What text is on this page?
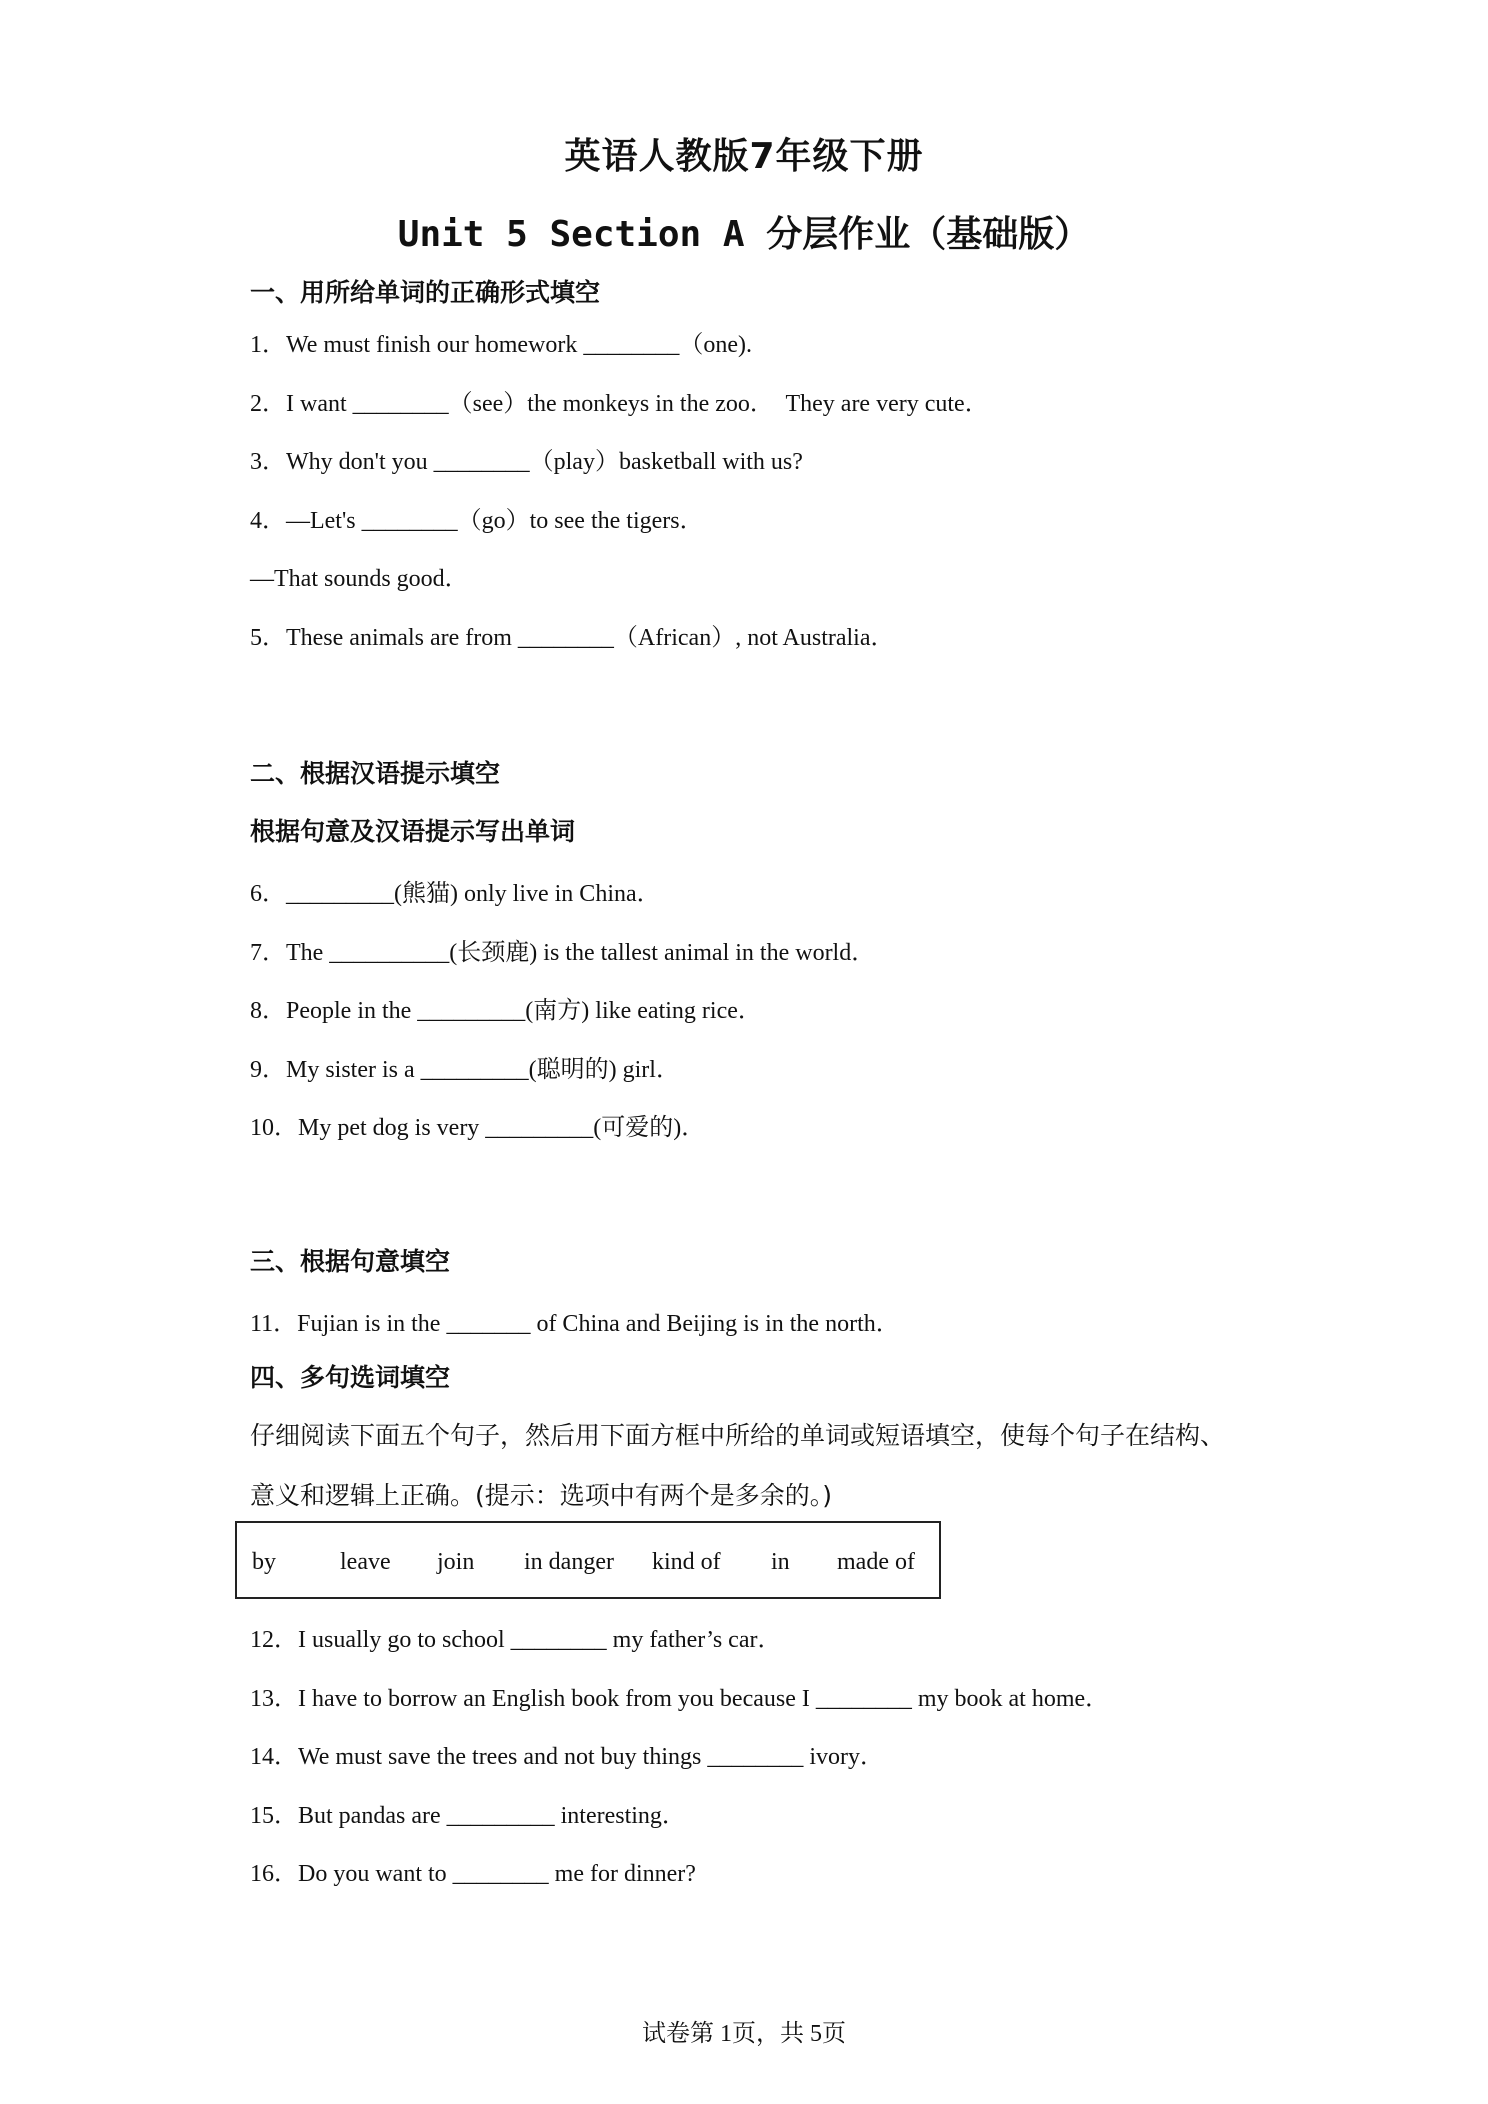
英语人教版7年级下册
Unit 5 Section A 分层作业（基础版）
一、用所给单词的正确形式填空
1．We must finish our homework ________（one).
2．I want ________（see）the monkeys in the zoo．  They are very cute．
3．Why don't you ________（play）basketball with us?
4．—Let's ________（go）to see the tigers．
—That sounds good．
5．These animals are from ________（African）, not Australia．
二、根据汉语提示填空
根据句意及汉语提示写出单词
6．_________(熊猫) only live in China．
7．The __________(长颈鹿) is the tallest animal in the world．
8．People in the _________(南方) like eating rice．
9．My sister is a _________(聪明的) girl．
10．My pet dog is very _________(可爱的)．
三、根据句意填空
11．Fujian is in the _______ of China and Beijing is in the north．
四、多句选词填空
仔细阅读下面五个句子，然后用下面方框中所给的单词或短语填空，使每个句子在结构、
意义和逻辑上正确。(提示：选项中有两个是多余的。)
by	leave join in danger kind of in made of
12．I usually go to school ________ my father’s car．
13．I have to borrow an English book from you because I ________ my book at home．
14．We must save the trees and not buy things ________ ivory．
15．But pandas are _________ interesting．
16．Do you want to ________ me for dinner?
试卷第 1页，共 5页
